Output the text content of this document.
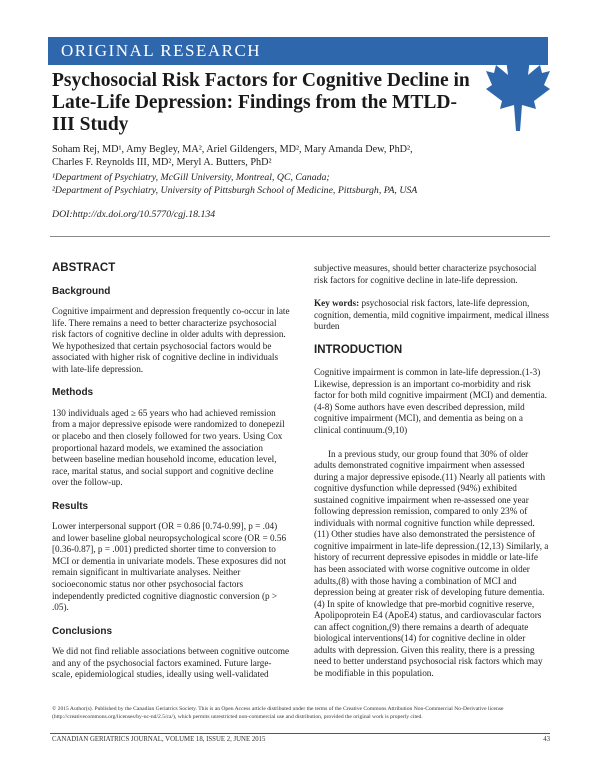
ORIGINAL RESEARCH
Psychosocial Risk Factors for Cognitive Decline in Late-Life Depression: Findings from the MTLD-III Study
Soham Rej, MD¹, Amy Begley, MA², Ariel Gildengers, MD², Mary Amanda Dew, PhD²,
Charles F. Reynolds III, MD², Meryl A. Butters, PhD²
¹Department of Psychiatry, McGill University, Montreal, QC, Canada;
²Department of Psychiatry, University of Pittsburgh School of Medicine, Pittsburgh, PA, USA
DOI:http://dx.doi.org/10.5770/cgj.18.134
ABSTRACT
Background

Cognitive impairment and depression frequently co-occur in late life. There remains a need to better characterize psychosocial risk factors of cognitive decline in older adults with depression. We hypothesized that certain psychosocial factors would be associated with higher risk of cognitive decline in individuals with late-life depression.

Methods

130 individuals aged ≥ 65 years who had achieved remission from a major depressive episode were randomized to donepezil or placebo and then closely followed for two years. Using Cox proportional hazard models, we examined the association between baseline median household income, education level, race, marital status, and social support and cognitive decline over the follow-up.

Results

Lower interpersonal support (OR = 0.86 [0.74-0.99], p = .04) and lower baseline global neuropsychological score (OR = 0.56 [0.36-0.87], p = .001) predicted shorter time to conversion to MCI or dementia in univariate models. These exposures did not remain significant in multivariate analyses. Neither socioeconomic status nor other psychosocial factors independently predicted cognitive diagnostic conversion (p > .05).

Conclusions

We did not find reliable associations between cognitive outcome and any of the psychosocial factors examined. Future large-scale, epidemiological studies, ideally using well-validated

subjective measures, should better characterize psychosocial risk factors for cognitive decline in late-life depression.

Key words: psychosocial risk factors, late-life depression, cognition, dementia, mild cognitive impairment, medical illness burden

INTRODUCTION

Cognitive impairment is common in late-life depression.(1-3) Likewise, depression is an important co-morbidity and risk factor for both mild cognitive impairment (MCI) and dementia.(4-8) Some authors have even described depression, mild cognitive impairment (MCI), and dementia as being on a clinical continuum.(9,10)

In a previous study, our group found that 30% of older adults demonstrated cognitive impairment when assessed during a major depressive episode.(11) Nearly all patients with cognitive dysfunction while depressed (94%) exhibited sustained cognitive impairment when re-assessed one year following depression remission, compared to only 23% of individuals with normal cognitive function while depressed.(11) Other studies have also demonstrated the persistence of cognitive impairment in late-life depression.(12,13) Similarly, a history of recurrent depressive episodes in middle or late-life has been associated with worse cognitive outcome in older adults,(8) with those having a combination of MCI and depression being at greater risk of developing future dementia.(4) In spite of knowledge that pre-morbid cognitive reserve, Apolipoprotein E4 (ApoE4) status, and cardiovascular factors can affect cognition,(9) there remains a dearth of adequate biological interventions(14) for cognitive decline in older adults with depression. Given this reality, there is a pressing need to better understand psychosocial risk factors which may be modifiable in this population.

© 2015 Author(s). Published by the Canadian Geriatrics Society. This is an Open Access article distributed under the terms of the Creative Commons Attribution Non-Commercial No-Derivative license (http://creativecommons.org/licenses/by-nc-nd/2.5/ca/), which permits unrestricted non-commercial use and distribution, provided the original work is properly cited.
CANADIAN GERIATRICS JOURNAL, VOLUME 18, ISSUE 2, JUNE 2015	43
